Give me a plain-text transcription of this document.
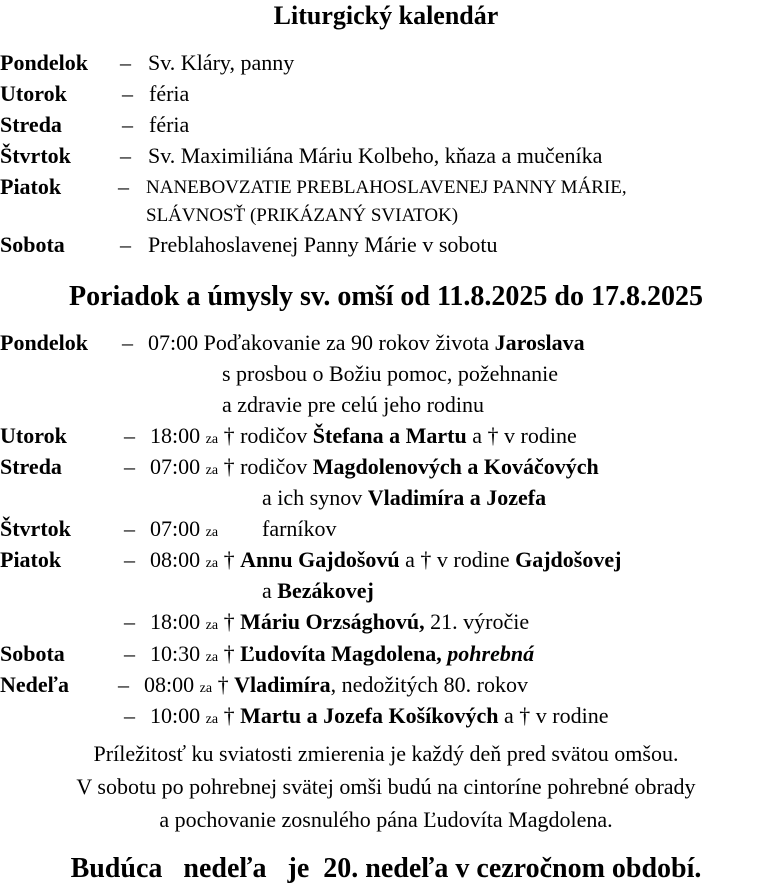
Liturgický kalendár
Pondelok – Sv. Kláry, panny
Utorok	– féria
Streda	– féria
Štvrtok – Sv. Maximiliána Máriu Kolbeho, kňaza a mučeníka
Piatok	– NANEBOVZATIE PREBLAHOSLAVENEJ PANNY MÁRIE,
SLÁVNOSŤ (PRIKÁZANÝ SVIATOK)
Sobota	– Preblahoslavenej Panny Márie v sobotu
Poriadok a úmysly sv. omší od 11.8.2025 do 17.8.2025
Pondelok – 07:00 Poďakovanie za 90 rokov života Jaroslava
s prosbou o Božiu pomoc, požehnanie
a zdravie pre celú jeho rodinu
Utorok	– 18:00 za † rodičov Štefana a Martu a † v rodine
Streda	– 07:00 za † rodičov Magdolenových a Kováčových
a ich synov Vladimíra a Jozefa
Štvrtok – 07:00 za farníkov
Piatok	– 08:00 za † Annu Gajdošovú a † v rodine Gajdošovej
a Bezákovej
– 18:00 za † Máriu Orzsághovú, 21. výročie
Sobota	– 10:30 za † Ľudovíta Magdolena, pohrebná
Nedeľa – 08:00 za † Vladimíra, nedožitých 80. rokov
– 10:00 za † Martu a Jozefa Košíkových a † v rodine
Príležitosť ku sviatosti zmierenia je každý deň pred svätou omšou.
V sobotu po pohrebnej svätej omši budú na cintoríne pohrebné obrady
a pochovanie zosnulého pána Ľudovíta Magdolena.
Budúca   nedeľa   je  20. nedeľa v cezročnom období.
